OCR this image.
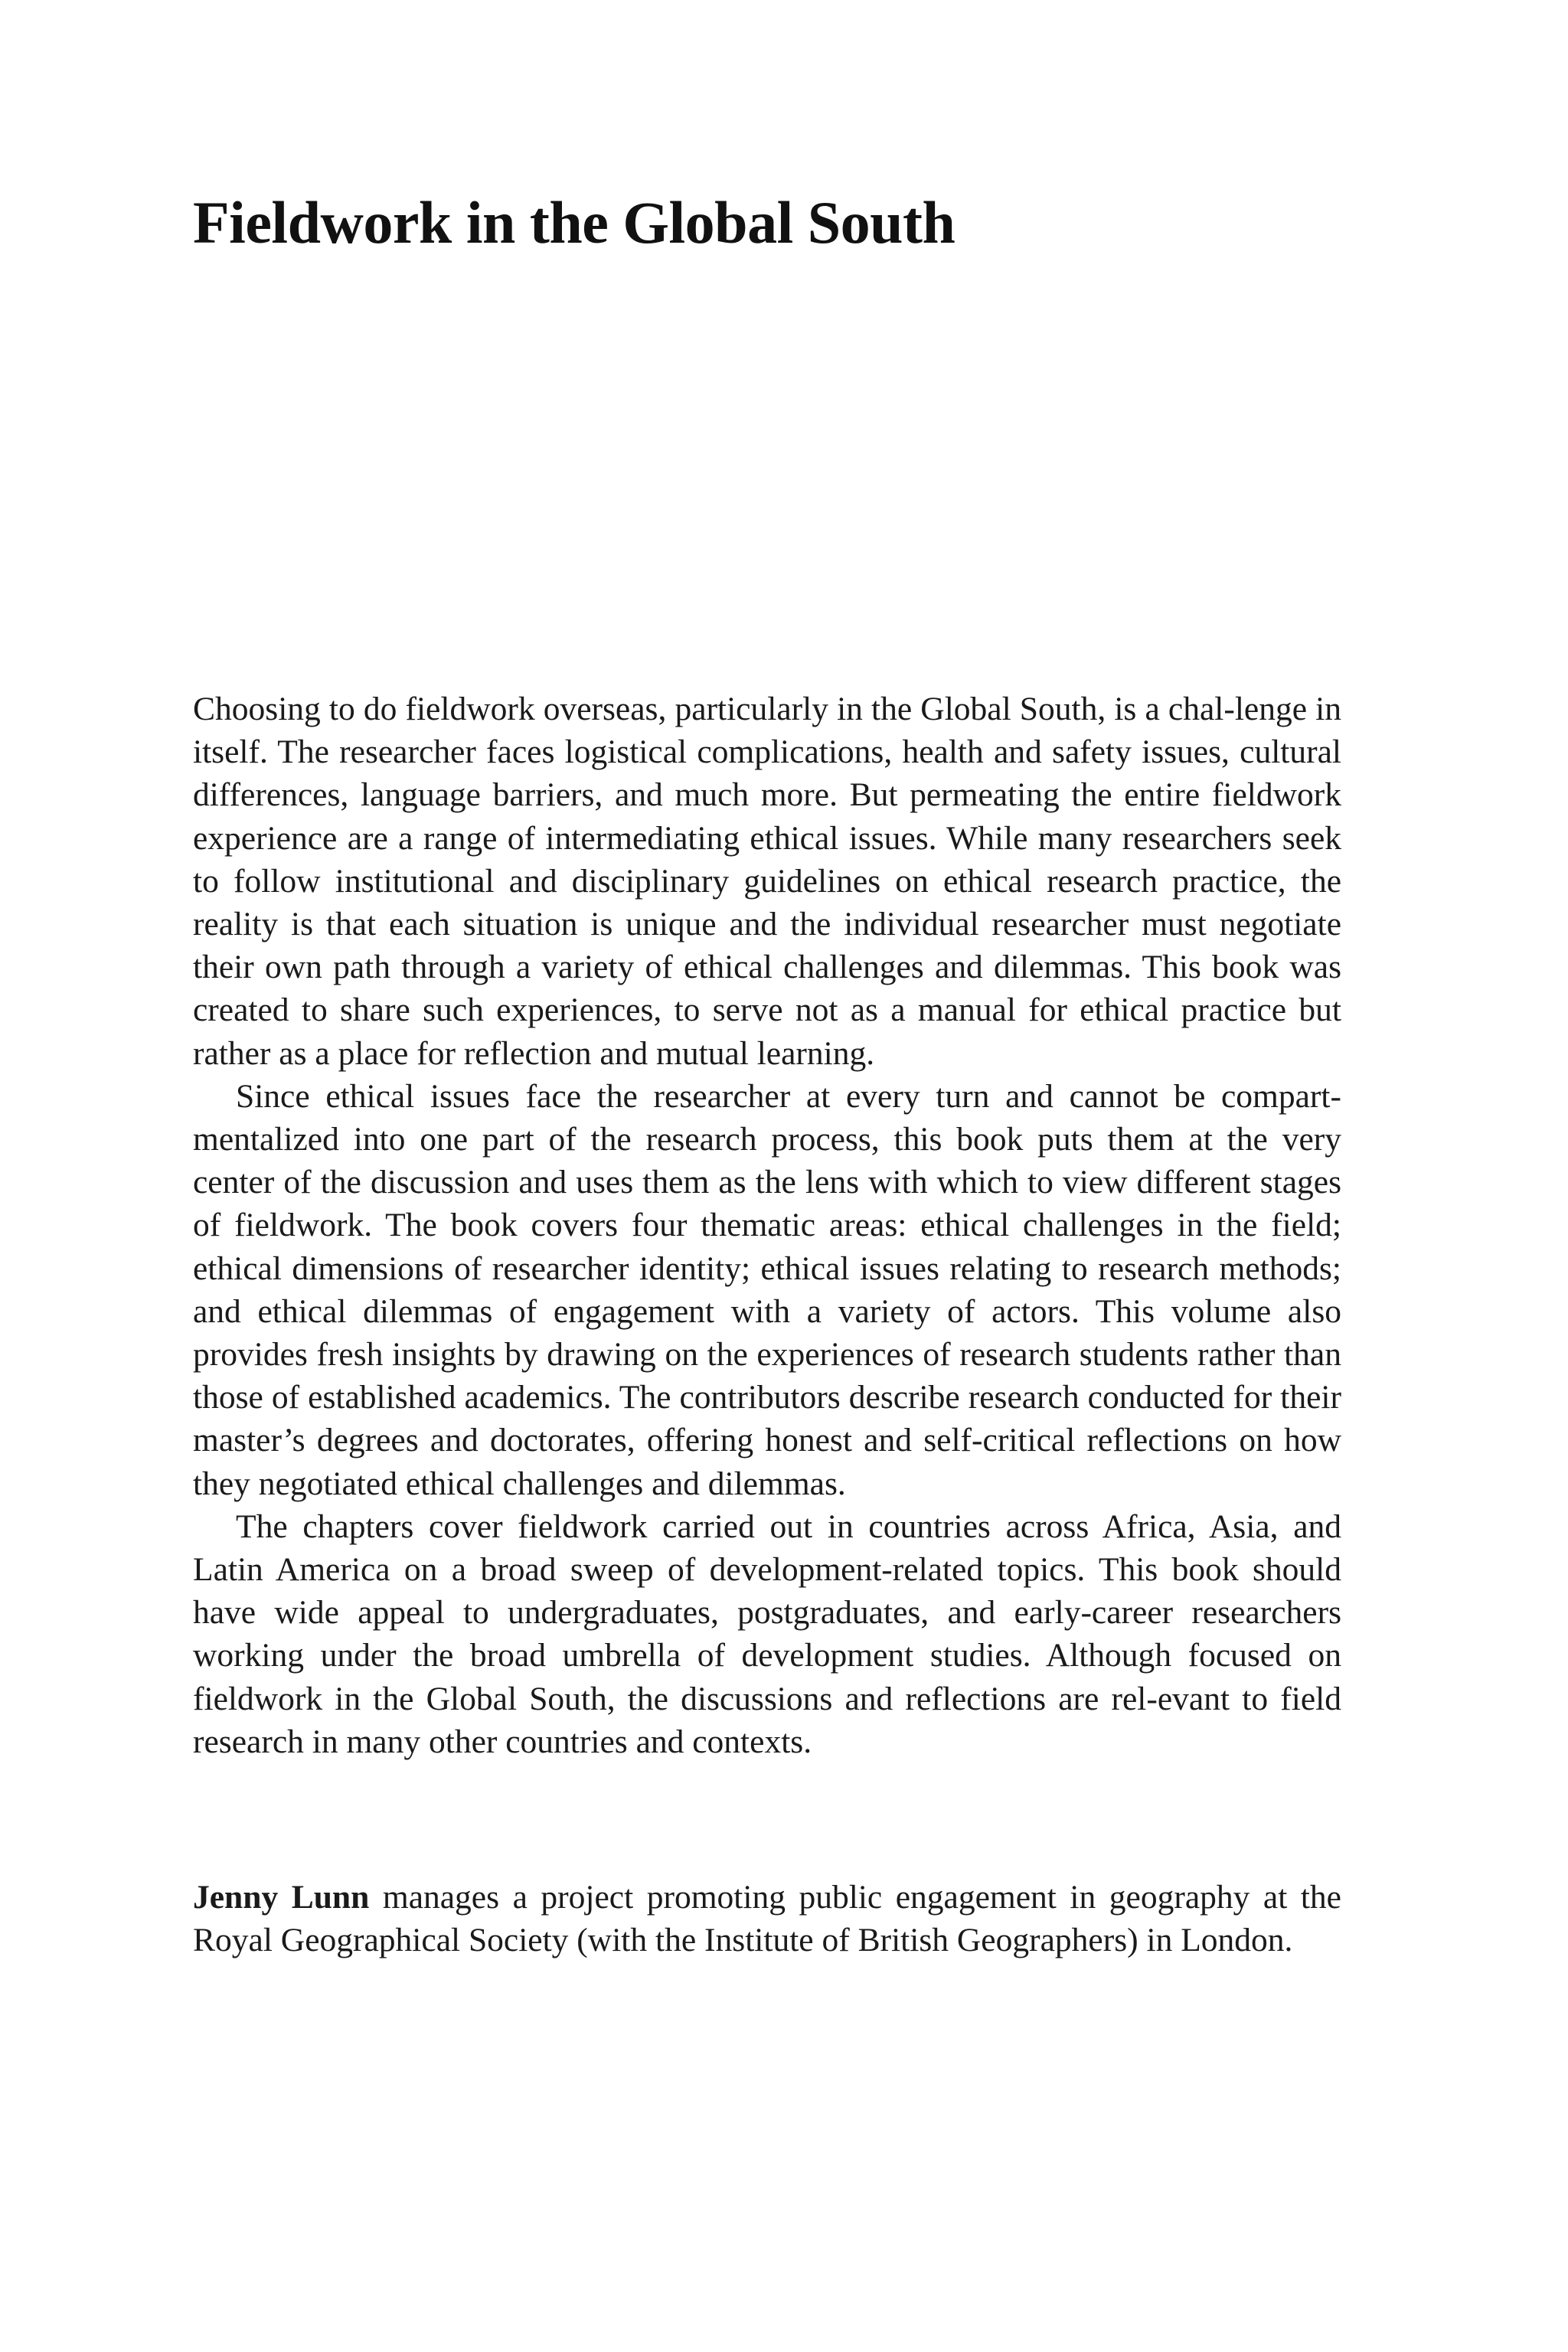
Fieldwork in the Global South

Choosing to do fieldwork overseas, particularly in the Global South, is a chal-lenge in itself. The researcher faces logistical complications, health and safety issues, cultural differences, language barriers, and much more. But permeating the entire fieldwork experience are a range of intermediating ethical issues. While many researchers seek to follow institutional and disciplinary guidelines on ethical research practice, the reality is that each situation is unique and the individual researcher must negotiate their own path through a variety of ethical challenges and dilemmas. This book was created to share such experiences, to serve not as a manual for ethical practice but rather as a place for reflection and mutual learning.

Since ethical issues face the researcher at every turn and cannot be compart-mentalized into one part of the research process, this book puts them at the very center of the discussion and uses them as the lens with which to view different stages of fieldwork. The book covers four thematic areas: ethical challenges in the field; ethical dimensions of researcher identity; ethical issues relating to research methods; and ethical dilemmas of engagement with a variety of actors. This volume also provides fresh insights by drawing on the experiences of research students rather than those of established academics. The contributors describe research conducted for their master’s degrees and doctorates, offering honest and self-critical reflections on how they negotiated ethical challenges and dilemmas.

The chapters cover fieldwork carried out in countries across Africa, Asia, and Latin America on a broad sweep of development-related topics. This book should have wide appeal to undergraduates, postgraduates, and early-career researchers working under the broad umbrella of development studies. Although focused on fieldwork in the Global South, the discussions and reflections are rel-evant to field research in many other countries and contexts.

Jenny Lunn manages a project promoting public engagement in geography at the Royal Geographical Society (with the Institute of British Geographers) in London.
